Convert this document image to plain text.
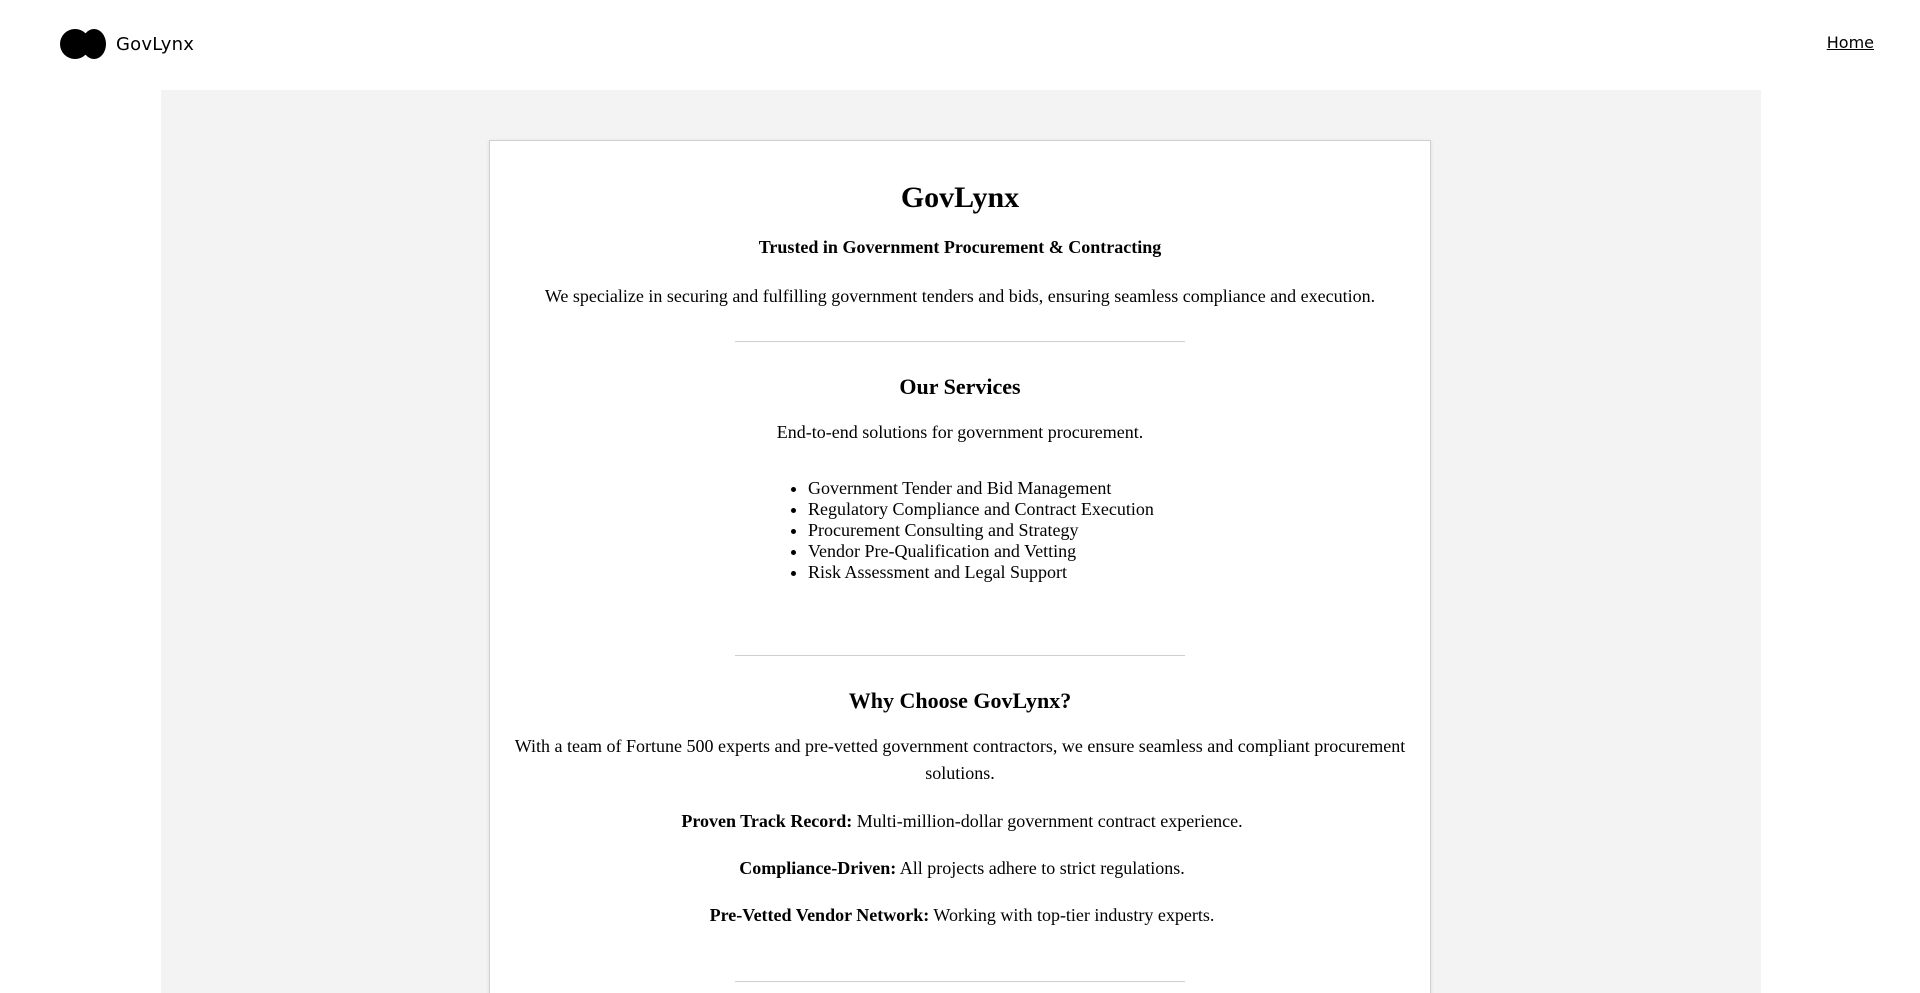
GovLynx	Home
GovLynx

Trusted in Government Procurement & Contracting

We specialize in securing and fulfilling government tenders and bids, ensuring seamless compliance and execution.

Our Services

End-to-end solutions for government procurement.

• Government Tender and Bid Management
• Regulatory Compliance and Contract Execution
• Procurement Consulting and Strategy
• Vendor Pre-Qualification and Vetting
• Risk Assessment and Legal Support
Why Choose GovLynx?

With a team of Fortune 500 experts and pre-vetted government contractors, we ensure seamless and compliant procurement solutions.

Proven Track Record: Multi-million-dollar government contract experience.

Compliance-Driven: All projects adhere to strict regulations.

Pre-Vetted Vendor Network: Working with top-tier industry experts.
